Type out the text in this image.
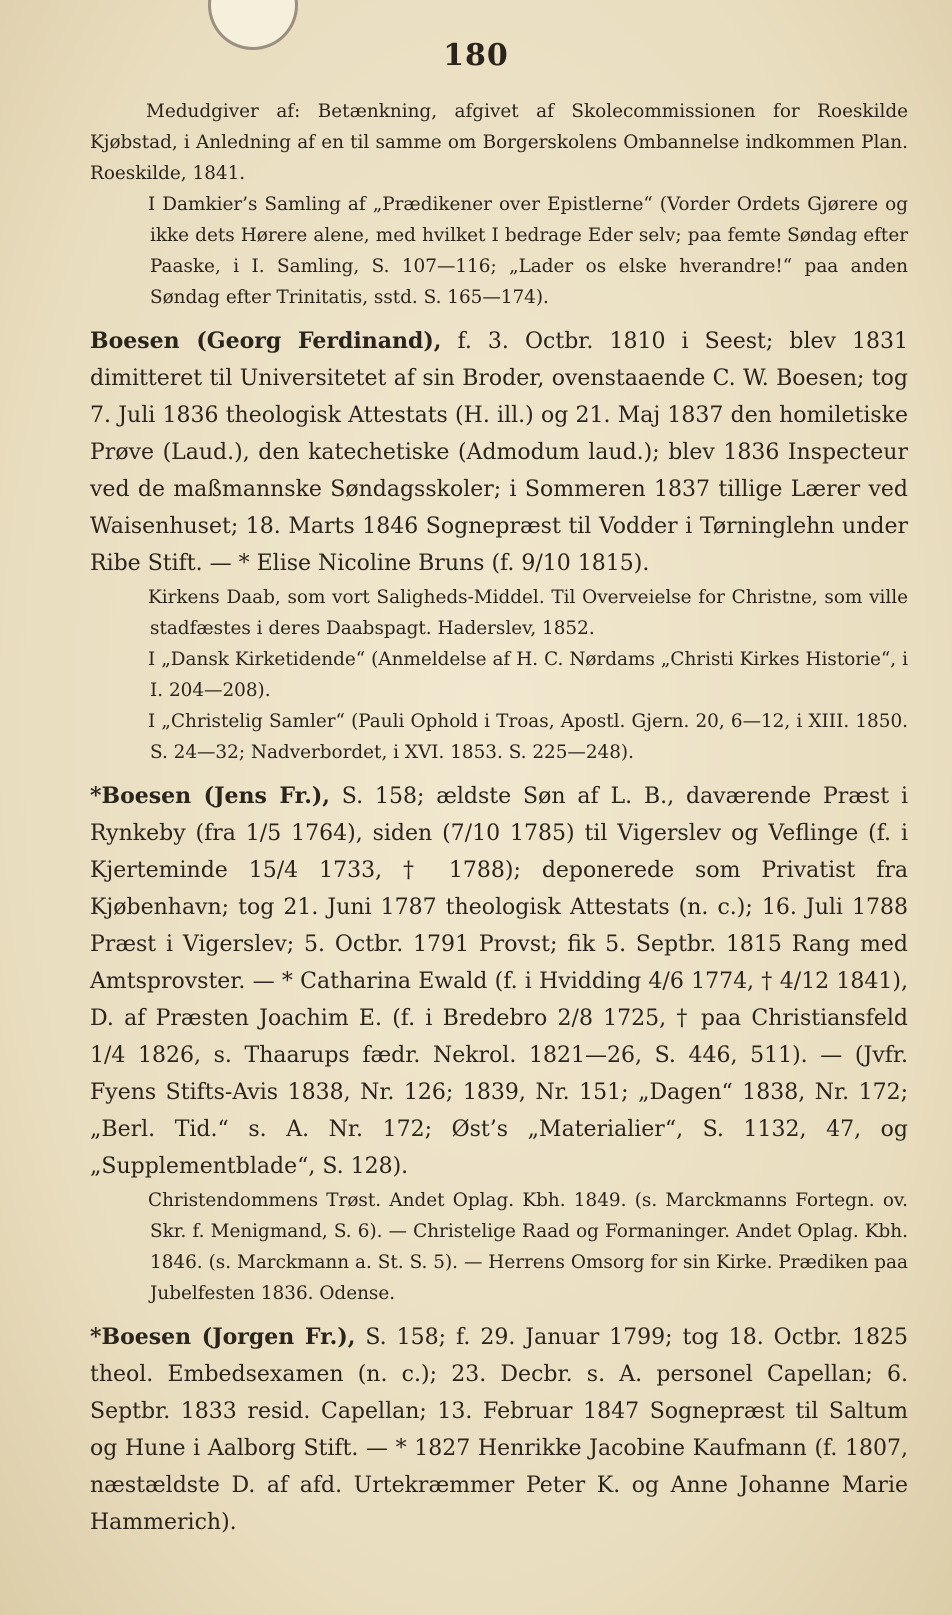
180

Medudgiver af: Betænkning, afgivet af Skolecommissionen for Roeskilde Kjøbstad, i Anledning af en til samme om Borgerskolens Ombannelse indkommen Plan. Roeskilde, 1841.

I Damkier’s Samling af „Prædikener over Epistlerne“ (Vorder Ordets Gjørere og ikke dets Hørere alene, med hvilket I bedrage Eder selv; paa femte Søndag efter Paaske, i I. Samling, S. 107—116; „Lader os elske hverandre!“ paa anden Søndag efter Trinitatis, sstd. S. 165—174).

Boesen (Georg Ferdinand), f. 3. Octbr. 1810 i Seest; blev 1831 dimitteret til Universitetet af sin Broder, ovenstaaende C. W. Boesen; tog 7. Juli 1836 theologisk Attestats (H. ill.) og 21. Maj 1837 den homiletiske Prøve (Laud.), den katechetiske (Admodum laud.); blev 1836 Inspecteur ved de maßmannske Søndagsskoler; i Sommeren 1837 tillige Lærer ved Waisenhuset; 18. Marts 1846 Sognepræst til Vodder i Tørninglehn under Ribe Stift. — * Elise Nicoline Bruns (f. 9/10 1815).

Kirkens Daab, som vort Saligheds-Middel. Til Overveielse for Christne, som ville stadfæstes i deres Daabspagt. Haderslev, 1852.

I „Dansk Kirketidende“ (Anmeldelse af H. C. Nørdams „Christi Kirkes Historie“, i I. 204—208).

I „Christelig Samler“ (Pauli Ophold i Troas, Apostl. Gjern. 20, 6—12, i XIII. 1850. S. 24—32; Nadverbordet, i XVI. 1853. S. 225—248).

*Boesen (Jens Fr.), S. 158; ældste Søn af L. B., daværende Præst i Rynkeby (fra 1/5 1764), siden (7/10 1785) til Vigerslev og Veflinge (f. i Kjerteminde 15/4 1733, † 1788); deponerede som Privatist fra Kjøbenhavn; tog 21. Juni 1787 theologisk Attestats (n. c.); 16. Juli 1788 Præst i Vigerslev; 5. Octbr. 1791 Provst; fik 5. Septbr. 1815 Rang med Amtsprovster. — * Catharina Ewald (f. i Hvidding 4/6 1774, † 4/12 1841), D. af Præsten Joachim E. (f. i Bredebro 2/8 1725, † paa Christiansfeld 1/4 1826, s. Thaarups fædr. Nekrol. 1821—26, S. 446, 511). — (Jvfr. Fyens Stifts-Avis 1838, Nr. 126; 1839, Nr. 151; „Dagen“ 1838, Nr. 172; „Berl. Tid.“ s. A. Nr. 172; Øst’s „Materialier“, S. 1132, 47, og „Supplementblade“, S. 128).

Christendommens Trøst. Andet Oplag. Kbh. 1849. (s. Marckmanns Fortegn. ov. Skr. f. Menigmand, S. 6). — Christelige Raad og Formaninger. Andet Oplag. Kbh. 1846. (s. Marckmann a. St. S. 5). — Herrens Omsorg for sin Kirke. Prædiken paa Jubelfesten 1836. Odense.

*Boesen (Jorgen Fr.), S. 158; f. 29. Januar 1799; tog 18. Octbr. 1825 theol. Embedsexamen (n. c.); 23. Decbr. s. A. personel Capellan; 6. Septbr. 1833 resid. Capellan; 13. Februar 1847 Sognepræst til Saltum og Hune i Aalborg Stift. — * 1827 Henrikke Jacobine Kaufmann (f. 1807, næstældste D. af afd. Urtekræmmer Peter K. og Anne Johanne Marie Hammerich).
